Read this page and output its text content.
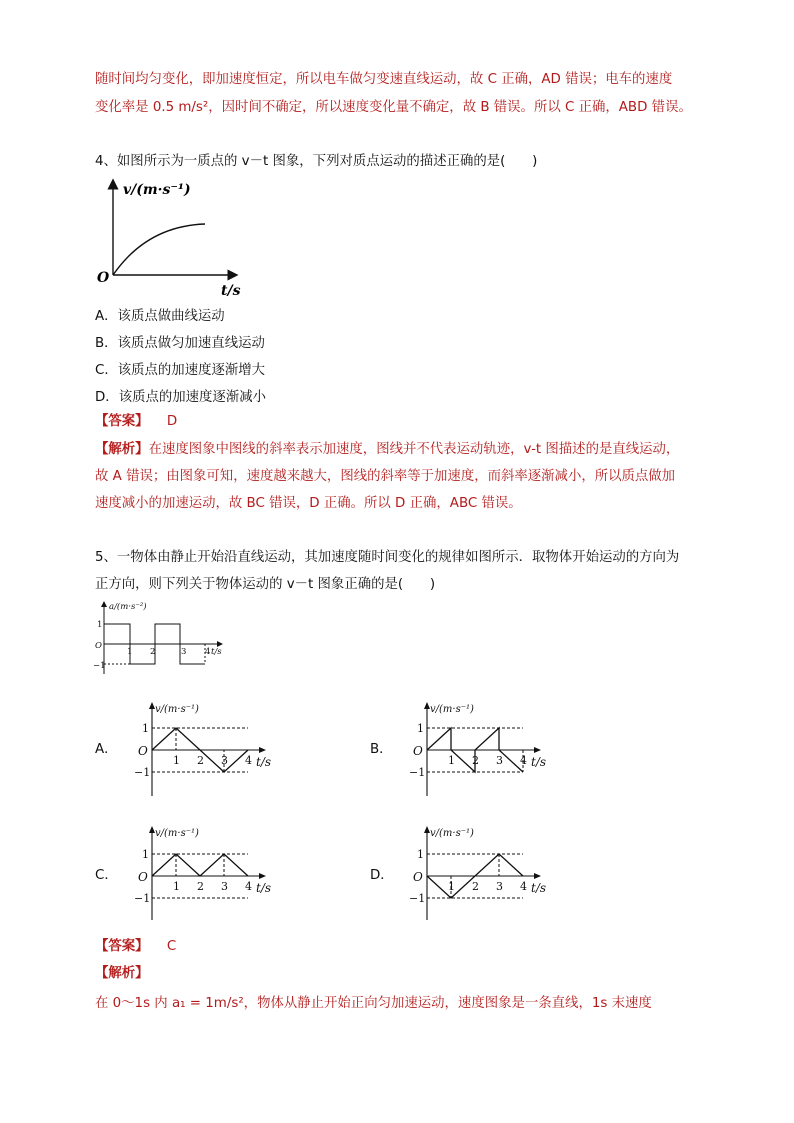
随时间均匀变化，即加速度恒定，所以电车做匀变速直线运动，故 C 正确，AD 错误；电车的速度
变化率是 0.5 m/s²，因时间不确定，所以速度变化量不确定，故 B 错误。所以 C 正确，ABD 错误。
4、如图所示为一质点的 v－t 图象，下列对质点运动的描述正确的是(　　)
v/(m·s⁻¹)
O
t/s
A．该质点做曲线运动
B．该质点做匀加速直线运动
C．该质点的加速度逐渐增大
D．该质点的加速度逐渐减小
【答案】 D
【解析】在速度图象中图线的斜率表示加速度，图线并不代表运动轨迹，v-t 图描述的是直线运动，
故 A 错误；由图象可知，速度越来越大，图线的斜率等于加速度，而斜率逐渐减小，所以质点做加
速度减小的加速运动，故 BC 错误，D 正确。所以 D 正确，ABC 错误。
5、一物体由静止开始沿直线运动，其加速度随时间变化的规律如图所示．取物体开始运动的方向为
正方向，则下列关于物体运动的 v－t 图象正确的是(　　)
a/(m·s⁻²)
O
1
−1
1 2	3 4 t/s
A．	B．
C．	D．
v/(m·s⁻¹)
O
1
−1
1 2 3 4 t/s
v/(m·s⁻¹)
O
1
−1
1 2 3 4 t/s
v/(m·s⁻¹)
O
1
−1
1 2 3 4 t/s
v/(m·s⁻¹)
O
1
−1
1 2 3 4 t/s
【答案】 C
【解析】
在 0～1s 内 a₁ = 1m/s²，物体从静止开始正向匀加速运动，速度图象是一条直线，1s 末速度
